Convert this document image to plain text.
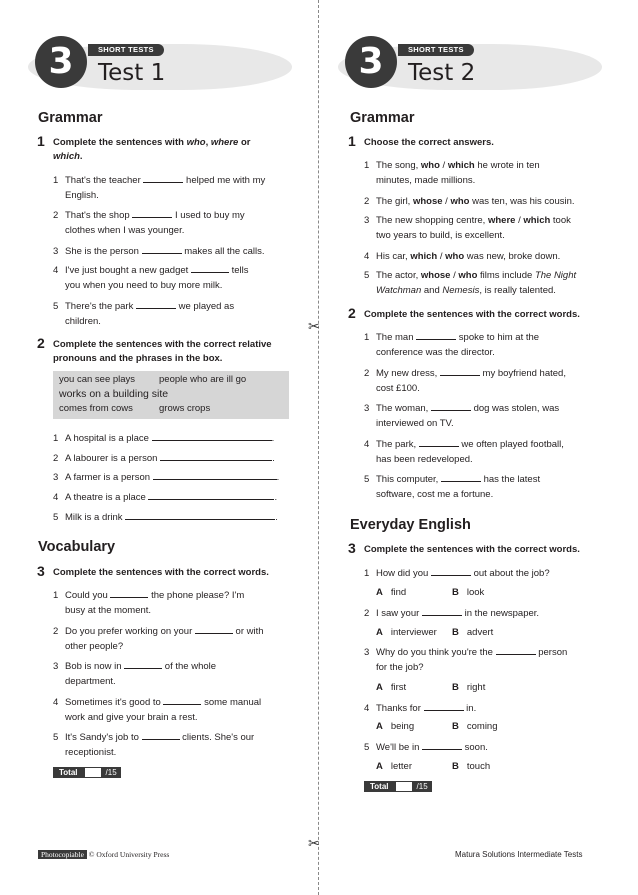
✂
✂
3	SHORT TESTS
Test 1
Grammar
1 Complete the sentences with who, where or
which.
1 That's the teacher	helped me with my
English.
2 That's the shop	I used to buy my
clothes when I was younger.
3 She is the person	makes all the calls.
4 I've just bought a new gadget	tells
you when you need to buy more milk.
5 There's the park	we played as
children.
2 Complete the sentences with the correct relative
pronouns and the phrases in the box.
you can see plays	people who are ill go
works on a building site
comes from cows	grows crops
1 A hospital is a place	.
2 A labourer is a person	.
3 A farmer is a person	.
4 A theatre is a place	.
5 Milk is a drink	.
Vocabulary
3 Complete the sentences with the correct words.
1 Could you	the phone please? I'm
busy at the moment.
2 Do you prefer working on your	or with
other people?
3 Bob is now in	of the whole
department.
4 Sometimes it's good to	some manual
work and give your brain a rest.
5 It's Sandy's job to	clients. She's our
receptionist.
Total	/15
3	SHORT TESTS
Test 2
Grammar
1 Choose the correct answers.
1 The song, who / which he wrote in ten
minutes, made millions.
2 The girl, whose / who was ten, was his cousin.
3 The new shopping centre, where / which took
two years to build, is excellent.
4 His car, which / who was new, broke down.
5 The actor, whose / who films include The Night
Watchman and Nemesis, is really talented.
2 Complete the sentences with the correct words.
1 The man	spoke to him at the
conference was the director.
2 My new dress,	my boyfriend hated,
cost £100.
3 The woman,	dog was stolen, was
interviewed on TV.
4 The park,	we often played football,
has been redeveloped.
5 This computer,	has the latest
software, cost me a fortune.
Everyday English
3 Complete the sentences with the correct words.
1 How did you	out about the job?
A find	B look
2 I saw your	in the newspaper.
A interviewer B advert
3 Why do you think you're the	person
for the job?
A first	B right
4 Thanks for	in.
A being	B coming
5 We'll be in	soon.
A letter	B touch
Total	/15
Photocopiable © Oxford University Press	Matura Solutions Intermediate Tests
